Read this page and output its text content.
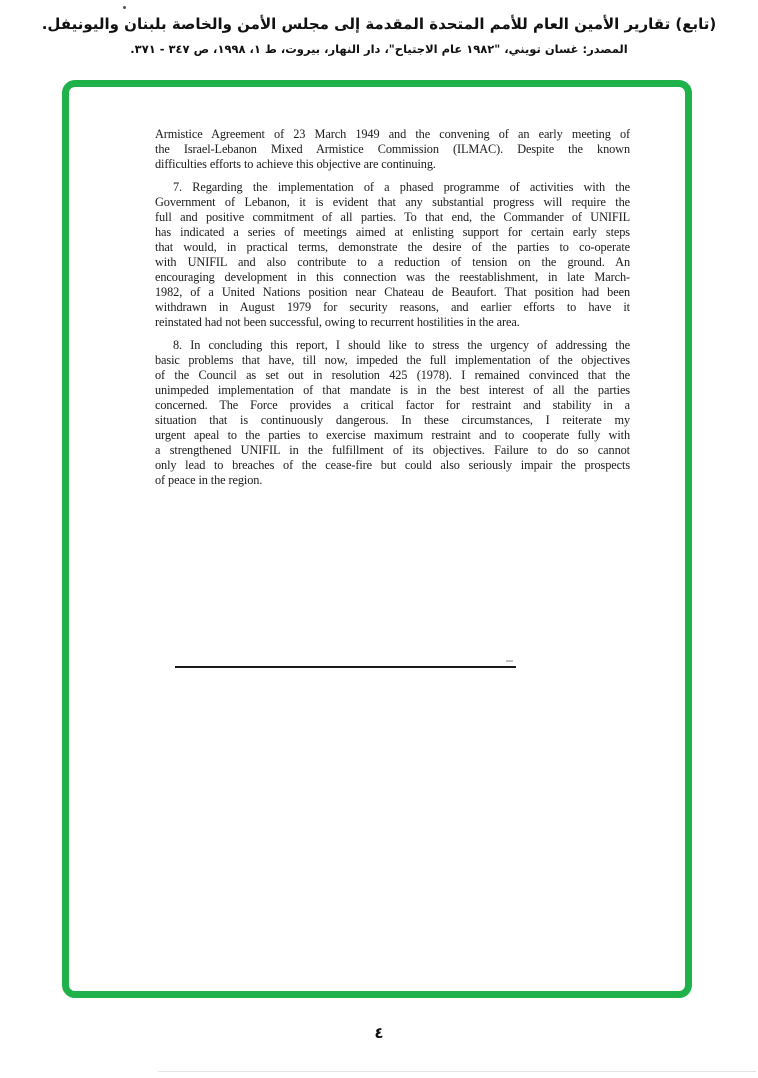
(تابع) تقارير الأمين العام للأمم المتحدة المقدمة إلى مجلس الأمن والخاصة بلبنان واليونيفل.
المصدر: غسان تويني، "١٩٨٢ عام الاجتياح"، دار النهار، بيروت، ط ١، ١٩٩٨، ص ٣٤٧ - ٣٧١.
Armistice Agreement of 23 March 1949 and the convening of an early meeting of
the Israel-Lebanon Mixed Armistice Commission (ILMAC). Despite the known
difficulties efforts to achieve this objective are continuing.
7. Regarding the implementation of a phased programme of activities with the
Government of Lebanon, it is evident that any substantial progress will require the
full and positive commitment of all parties. To that end, the Commander of UNIFIL
has indicated a series of meetings aimed at enlisting support for certain early steps
that would, in practical terms, demonstrate the desire of the parties to co-operate
with UNIFIL and also contribute to a reduction of tension on the ground. An
encouraging development in this connection was the reestablishment, in late March-
1982, of a United Nations position near Chateau de Beaufort. That position had been
withdrawn in August 1979 for security reasons, and earlier efforts to have it
reinstated had not been successful, owing to recurrent hostilities in the area.
8. In concluding this report, I should like to stress the urgency of addressing the
basic problems that have, till now, impeded the full implementation of the objectives
of the Council as set out in resolution 425 (1978). I remained convinced that the
unimpeded implementation of that mandate is in the best interest of all the parties
concerned. The Force provides a critical factor for restraint and stability in a
situation that is continuously dangerous. In these circumstances, I reiterate my
urgent apeal to the parties to exercise maximum restraint and to cooperate fully with
a strengthened UNIFIL in the fulfillment of its objectives. Failure to do so cannot
only lead to breaches of the cease-fire but could also seriously impair the prospects
of peace in the region.
٤
